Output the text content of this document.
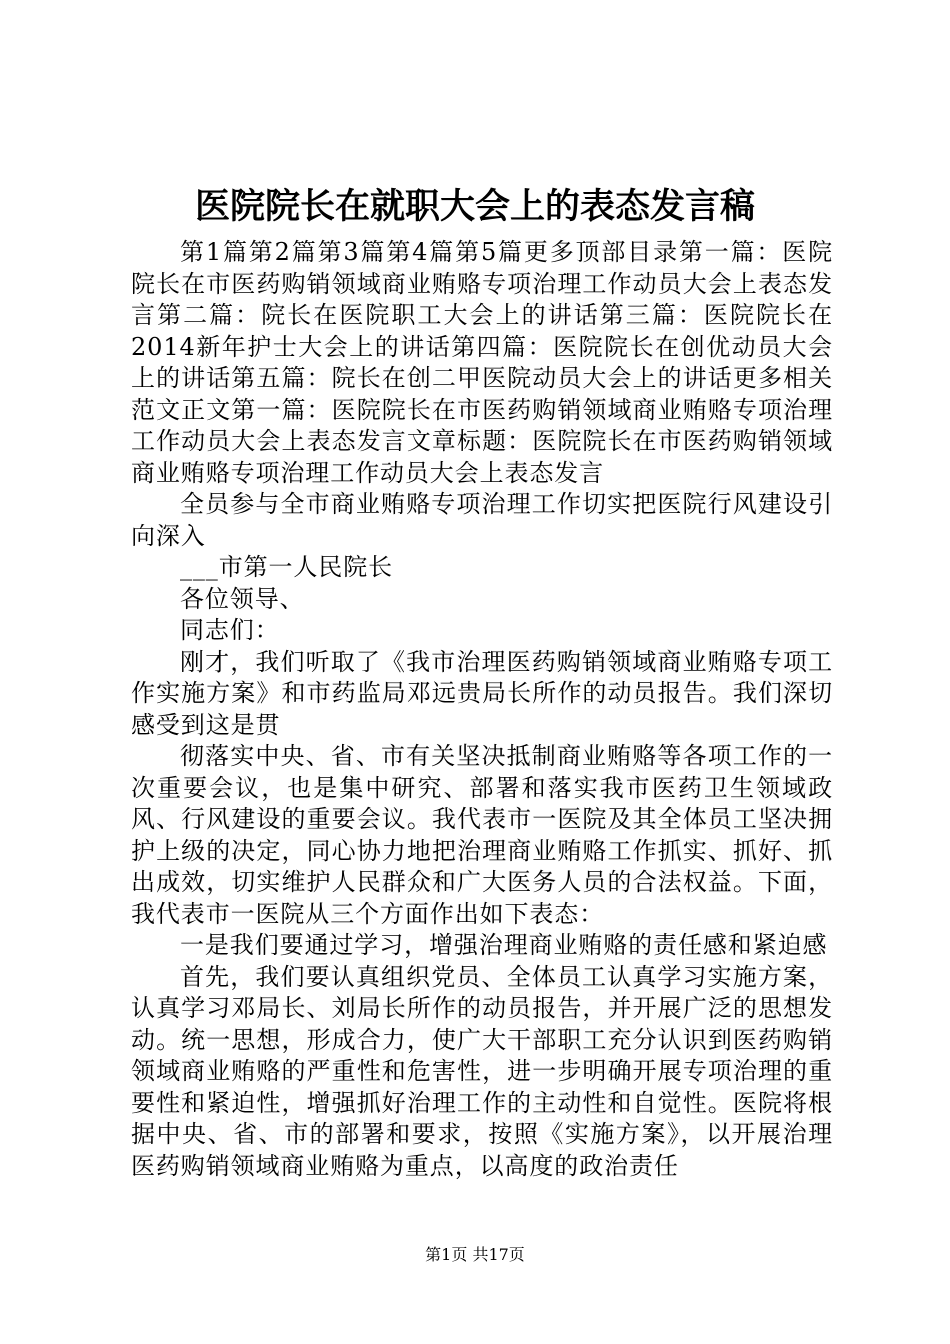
医院院长在就职大会上的表态发言稿

第1篇第2篇第3篇第4篇第5篇更多顶部目录第一篇：医院院长在市医药购销领域商业贿赂专项治理工作动员大会上表态发言第二篇：院长在医院职工大会上的讲话第三篇：医院院长在2014新年护士大会上的讲话第四篇：医院院长在创优动员大会上的讲话第五篇：院长在创二甲医院动员大会上的讲话更多相关范文正文第一篇：医院院长在市医药购销领域商业贿赂专项治理工作动员大会上表态发言文章标题：医院院长在市医药购销领域商业贿赂专项治理工作动员大会上表态发言

全员参与全市商业贿赂专项治理工作切实把医院行风建设引向深入

___市第一人民院长

各位领导、

同志们：

刚才，我们听取了《我市治理医药购销领域商业贿赂专项工作实施方案》和市药监局邓远贵局长所作的动员报告。我们深切感受到这是贯

彻落实中央、省、市有关坚决抵制商业贿赂等各项工作的一次重要会议，也是集中研究、部署和落实我市医药卫生领域政风、行风建设的重要会议。我代表市一医院及其全体员工坚决拥护上级的决定，同心协力地把治理商业贿赂工作抓实、抓好、抓出成效，切实维护人民群众和广大医务人员的合法权益。下面，我代表市一医院从三个方面作出如下表态：

一是我们要通过学习，增强治理商业贿赂的责任感和紧迫感

首先，我们要认真组织党员、全体员工认真学习实施方案，认真学习邓局长、刘局长所作的动员报告，并开展广泛的思想发动。统一思想，形成合力，使广大干部职工充分认识到医药购销领域商业贿赂的严重性和危害性，进一步明确开展专项治理的重要性和紧迫性，增强抓好治理工作的主动性和自觉性。医院将根据中央、省、市的部署和要求，按照《实施方案》，以开展治理医药购销领域商业贿赂为重点，以高度的政治责任

第1页 共17页
